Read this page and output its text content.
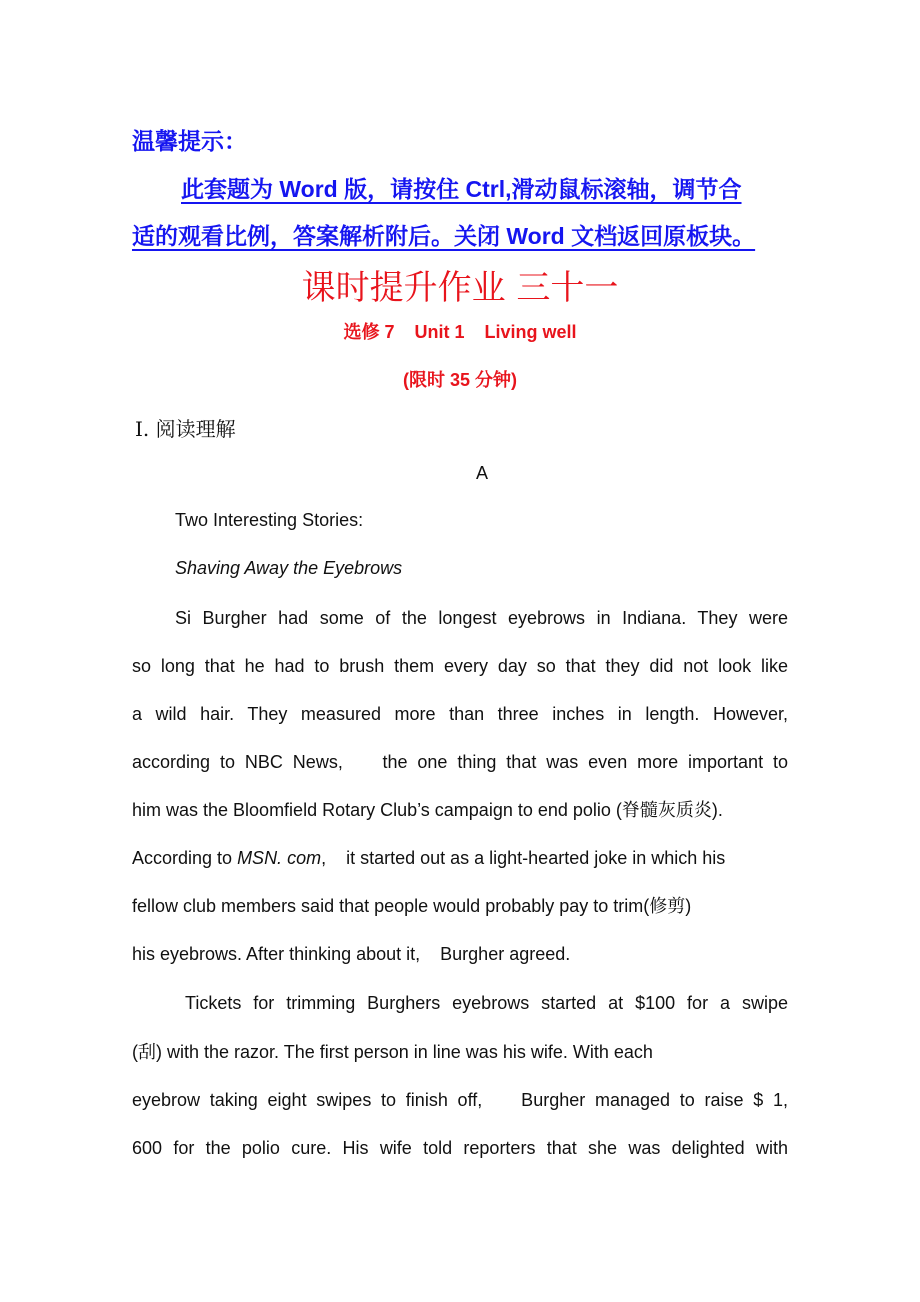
温馨提示：
此套题为 Word 版，请按住 Ctrl,滑动鼠标滚轴，调节合
适的观看比例，答案解析附后。关闭 Word 文档返回原板块。
课时提升作业 三十一
选修 7    Unit 1    Living well
(限时 35 分钟)
Ⅰ. 阅读理解
A
Two Interesting Stories:
Shaving Away the Eyebrows
Si Burgher had some of the longest eyebrows in Indiana. They were
so long that he had to brush them every day so that they did not look like
a wild hair. They measured more than three inches in length. However,
according to NBC News,    the one thing that was even more important to
him was the Bloomfield Rotary Club’s campaign to end polio (脊髓灰质炎).
According to MSN. com,    it started out as a light-hearted joke in which his
fellow club members said that people would probably pay to trim(修剪)
his eyebrows. After thinking about it,    Burgher agreed.
Tickets for trimming Burghers eyebrows started at $100 for a swipe
(刮) with the razor. The first person in line was his wife. With each
eyebrow taking eight swipes to finish off,    Burgher managed to raise $ 1,
600 for the polio cure. His wife told reporters that she was delighted with
